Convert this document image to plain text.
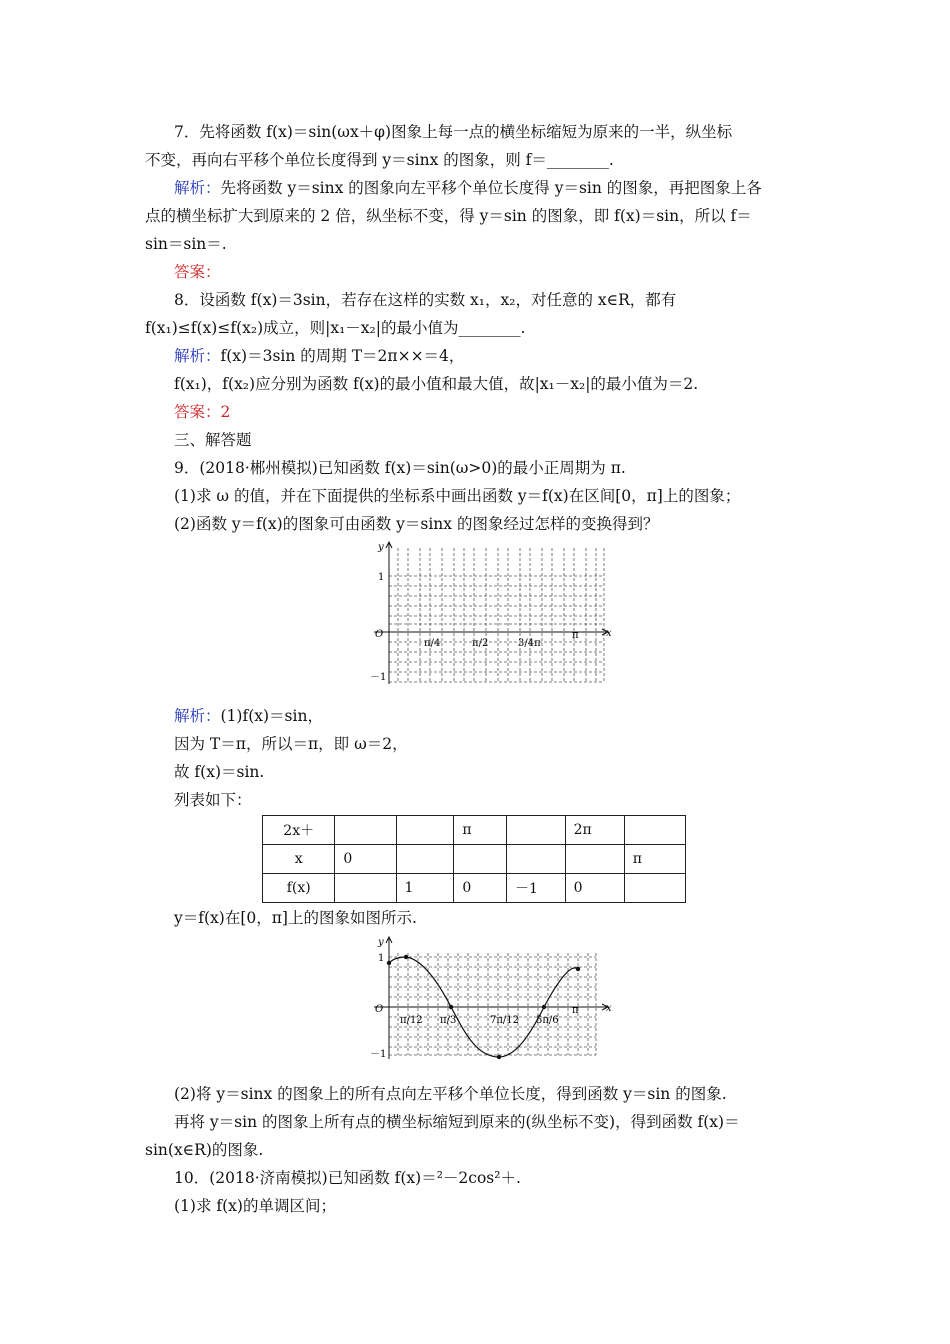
7．先将函数 f(x)＝sin(ωx＋φ)图象上每一点的横坐标缩短为原来的一半，纵坐标
不变，再向右平移个单位长度得到 y＝sinx 的图象，则 f＝________.
解析：先将函数 y＝sinx 的图象向左平移个单位长度得 y＝sin 的图象，再把图象上各
点的横坐标扩大到原来的 2 倍，纵坐标不变，得 y＝sin 的图象，即 f(x)＝sin，所以 f＝
sin＝sin＝.
答案：
8．设函数 f(x)＝3sin，若存在这样的实数 x₁，x₂，对任意的 x∈R，都有
f(x₁)≤f(x)≤f(x₂)成立，则|x₁－x₂|的最小值为________.
解析：f(x)＝3sin 的周期 T＝2π××＝4，
f(x₁)，f(x₂)应分别为函数 f(x)的最小值和最大值，故|x₁－x₂|的最小值为＝2.
答案：2
三、解答题
9．(2018·郴州模拟)已知函数 f(x)＝sin(ω>0)的最小正周期为 π.
(1)求 ω 的值，并在下面提供的坐标系中画出函数 y＝f(x)在区间[0，π]上的图象；
(2)函数 y＝f(x)的图象可由函数 y＝sinx 的图象经过怎样的变换得到？
解析：(1)f(x)＝sin，
因为 T＝π，所以＝π，即 ω＝2，
故 f(x)＝sin.
列表如下：
y＝f(x)在[0，π]上的图象如图所示.
(2)将 y＝sinx 的图象上的所有点向左平移个单位长度，得到函数 y＝sin 的图象.
再将 y＝sin 的图象上所有点的横坐标缩短到原来的(纵坐标不变)，得到函数 f(x)＝
sin(x∈R)的图象.
10．(2018·济南模拟)已知函数 f(x)＝²－2cos²＋.
(1)求 f(x)的单调区间；
y
x
O
1
－1
π/4	π/2	3/4π
π
2x＋			π		2π	
x	0					π
f(x)		1	0	－1	0	
y
x
O
1
－1
π/12 π/3	7π/12 5π/6
π
